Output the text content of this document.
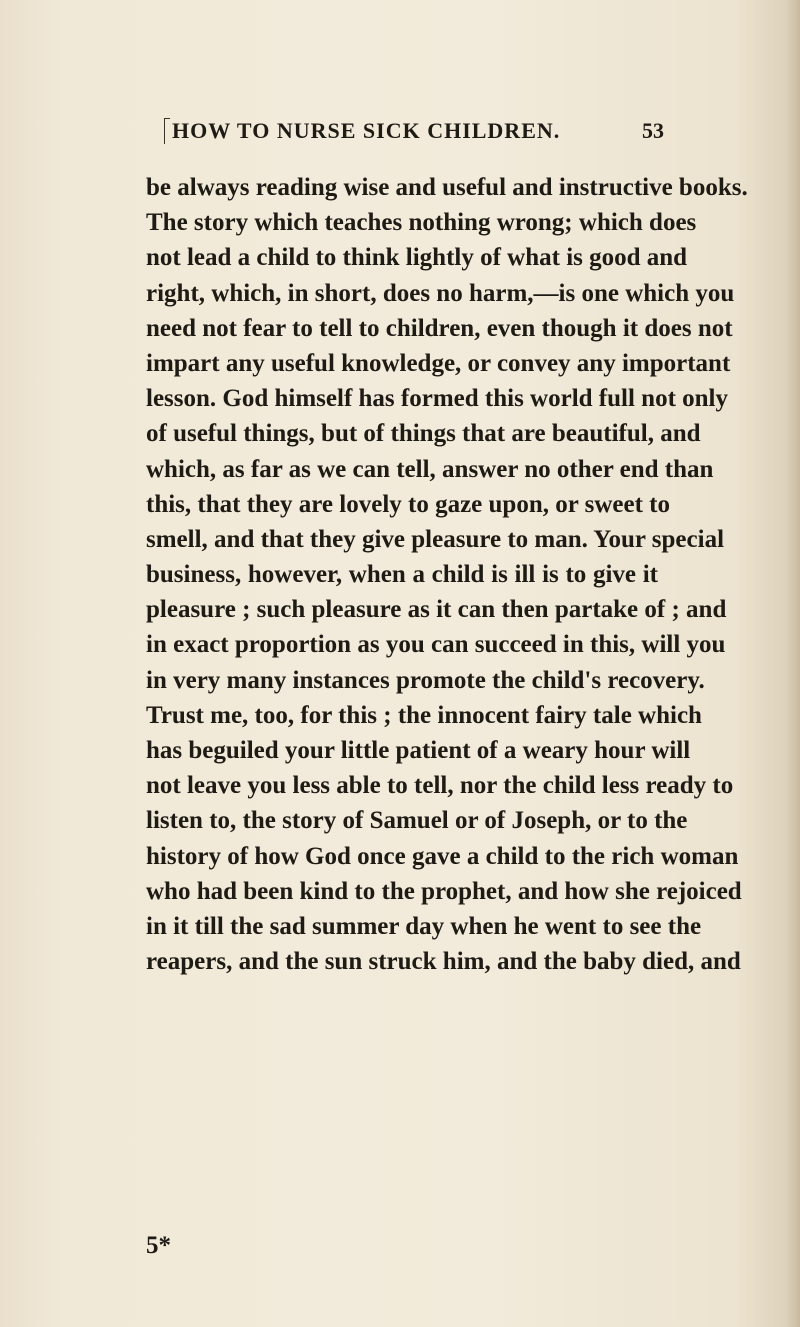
HOW TO NURSE SICK CHILDREN.	53
be always reading wise and useful and instructive books.
The story which teaches nothing wrong; which does
not lead a child to think lightly of what is good and
right, which, in short, does no harm,—is one which you
need not fear to tell to children, even though it does not
impart any useful knowledge, or convey any important
lesson. God himself has formed this world full not only
of useful things, but of things that are beautiful, and
which, as far as we can tell, answer no other end than
this, that they are lovely to gaze upon, or sweet to
smell, and that they give pleasure to man. Your special
business, however, when a child is ill is to give it
pleasure ; such pleasure as it can then partake of ; and
in exact proportion as you can succeed in this, will you
in very many instances promote the child's recovery.
Trust me, too, for this ; the innocent fairy tale which
has beguiled your little patient of a weary hour will
not leave you less able to tell, nor the child less ready to
listen to, the story of Samuel or of Joseph, or to the
history of how God once gave a child to the rich woman
who had been kind to the prophet, and how she rejoiced
in it till the sad summer day when he went to see the
reapers, and the sun struck him, and the baby died, and
5*
